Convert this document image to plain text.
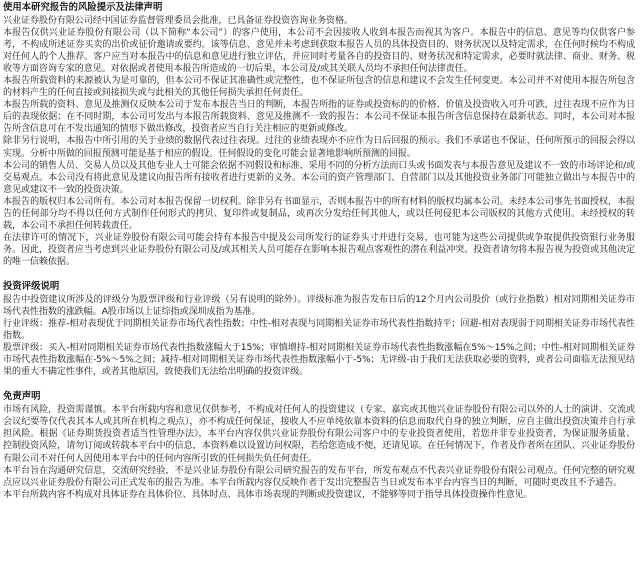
使用本研究报告的风险提示及法律声明

兴业证券股份有限公司经中国证券监督管理委员会批准，已具备证券投资咨询业务资格。

本报告仅供兴业证券股份有限公司（以下简称“本公司”）的客户使用，本公司不会因接收人收到本报告而视其为客户。本报告中的信息、意见等均仅供客户参考，不构成所述证券买卖的出价或征价邀请或要约。该等信息、意见并未考虑到获取本报告人员的具体投资目的、财务状况以及特定需求，在任何时候均不构成对任何人的个人推荐。客户应当对本报告中的信息和意见进行独立评估，并应同时考量各自的投资目的、财务状况和特定需求，必要时就法律、商业、财务、税收等方面咨询专家的意见。对依据或者使用本报告所造成的一切后果，本公司及/或其关联人员均不承担任何法律责任。

本报告所载资料的来源被认为是可靠的，但本公司不保证其准确性或完整性，也不保证所包含的信息和建议不会发生任何变更。本公司并不对使用本报告所包含的材料产生的任何直接或间接损失或与此相关的其他任何损失承担任何责任。

本报告所载的资料、意见及推测仅反映本公司于发布本报告当日的判断，本报告所指的证券或投资标的的价格、价值及投资收入可升可跌，过往表现不应作为日后的表现依据；在不同时期，本公司可发出与本报告所载资料、意见及推测不一致的报告；本公司不保证本报告所含信息保持在最新状态。同时，本公司对本报告所含信息可在不发出通知的情形下做出修改，投资者应当自行关注相应的更新或修改。

除非另行说明，本报告中所引用的关于业绩的数据代表过往表现。过往的业绩表现亦不应作为日后回报的预示。我们不承诺也不保证，任何所预示的回报会得以实现。分析中所做的回报预测可能是基于相应的假设。任何假设的变化可能会显著地影响所预测的回报。

本公司的销售人员、交易人员以及其他专业人士可能会依据不同假设和标准、采用不同的分析方法而口头或书面发表与本报告意见及建议不一致的市场评论和/或交易观点。本公司没有将此意见及建议向报告所有接收者进行更新的义务。本公司的资产管理部门、自营部门以及其他投资业务部门可能独立做出与本报告中的意见或建议不一致的投资决策。

本报告的版权归本公司所有。本公司对本报告保留一切权利。除非另有书面显示，否则本报告中的所有材料的版权均属本公司。未经本公司事先书面授权，本报告的任何部分均不得以任何方式制作任何形式的拷贝、复印件或复制品，或再次分发给任何其他人，或以任何侵犯本公司版权的其他方式使用。未经授权的转载，本公司不承担任何转载责任。

在法律许可的情况下，兴业证券股份有限公司可能会持有本报告中提及公司所发行的证券头寸并进行交易，也可能为这些公司提供或争取提供投资银行业务服务。因此，投资者应当考虑到兴业证券股份有限公司及/或其相关人员可能存在影响本报告观点客观性的潜在利益冲突。投资者请勿将本报告视为投资或其他决定的唯一信赖依据。

投资评级说明

报告中投资建议所涉及的评级分为股票评级和行业评级（另有说明的除外）。评级标准为报告发布日后的12个月内公司股价（或行业指数）相对同期相关证券市场代表性指数的涨跌幅。A股市场以上证综指或深圳成指为基准。

行业评级：推荐-相对表现优于同期相关证券市场代表性指数；中性-相对表现与同期相关证券市场代表性指数持平；回避-相对表现弱于同期相关证券市场代表性指数。

股票评级：买入-相对同期相关证券市场代表性指数涨幅大于15%；审慎增持-相对同期相关证券市场代表性指数涨幅在5%～15%之间；中性-相对同期相关证券市场代表性指数涨幅在-5%～5%之间；减持-相对同期相关证券市场代表性指数涨幅小于-5%；无评级-由于我们无法获取必要的资料，或者公司面临无法预见结果的重大不确定性事件，或者其他原因，致使我们无法给出明确的投资评级。

免责声明

市场有风险，投资需谨慎。本平台所载内容和意见仅供参考，不构成对任何人的投资建议（专家、嘉宾或其他兴业证券股份有限公司以外的人士的演讲、交流或会议纪要等仅代表其本人或其所在机构之观点），亦不构成任何保证，接收人不应单纯依靠本资料的信息而取代自身的独立判断，应自主做出投资决策并自行承担风险。根据《证券期货投资者适当性管理办法》，本平台内容仅供兴业证券股份有限公司客户中的专业投资者使用，若您并非专业投资者，为保证服务质量、控制投资风险，请勿订阅或转载本平台中的信息，本资料难以设置访问权限，若给您造成不便，还请见谅。在任何情况下，作者及作者所在团队、兴业证券股份有限公司不对任何人因使用本平台中的任何内容所引致的任何损失负任何责任。

本平台旨在沟通研究信息，交流研究经验，不是兴业证券股份有限公司研究报告的发布平台，所发布观点不代表兴业证券股份有限公司观点。任何完整的研究观点应以兴业证券股份有限公司正式发布的报告为准。本平台所载内容仅反映作者于发出完整报告当日或发布本平台内容当日的判断，可随时更改且不予通告。

本平台所载内容不构成对具体证券在具体价位、具体时点、具体市场表现的判断或投资建议，不能够等同于指导具体投资操作性意见。
